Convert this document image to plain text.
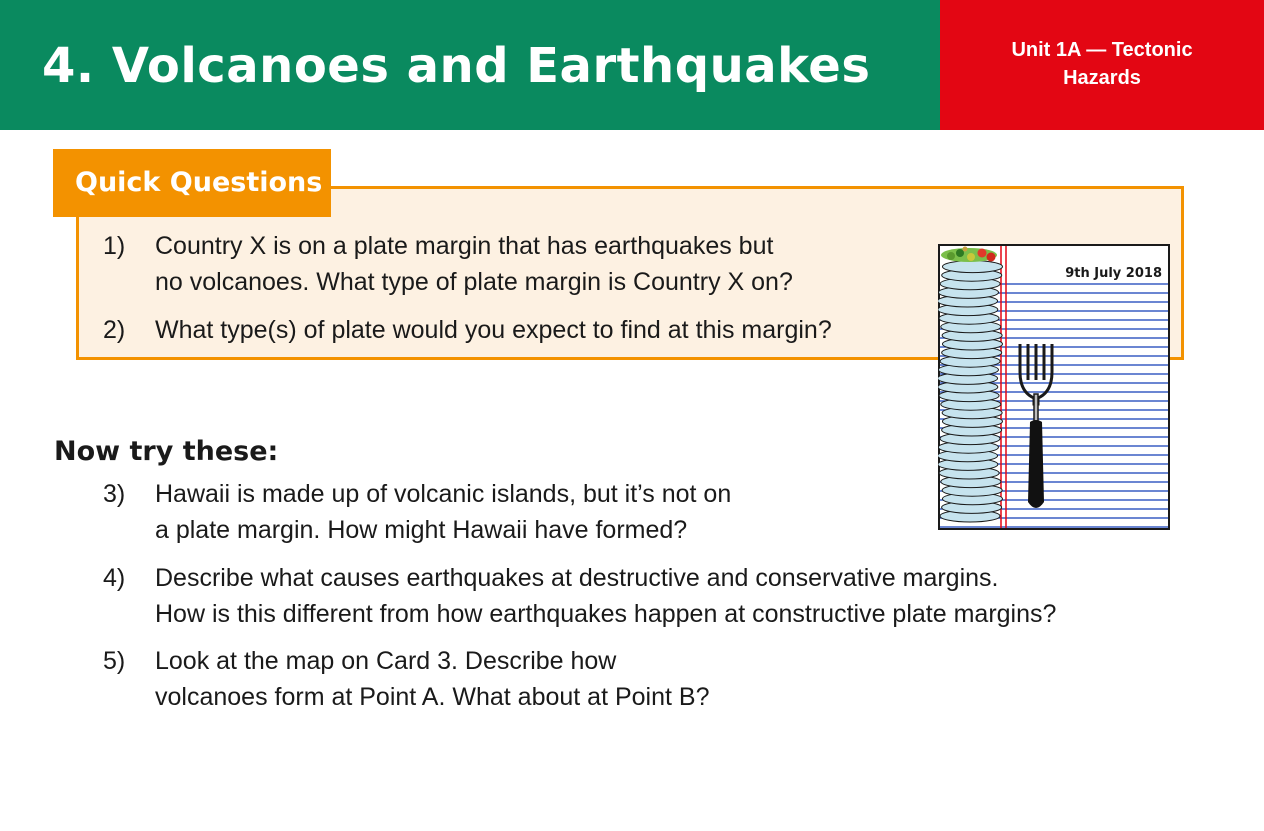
4. Volcanoes and Earthquakes	Unit 1A — Tectonic
Hazards
Quick Questions
1) Country X is on a plate margin that has earthquakes but
no volcanoes. What type of plate margin is Country X on?
2) What type(s) of plate would you expect to find at this margin?
Now try these:
3) Hawaii is made up of volcanic islands, but it’s not on
a plate margin. How might Hawaii have formed?
4) Describe what causes earthquakes at destructive and conservative margins.
How is this different from how earthquakes happen at constructive plate margins?
5) Look at the map on Card 3. Describe how
volcanoes form at Point A. What about at Point B?
9th July 2018
